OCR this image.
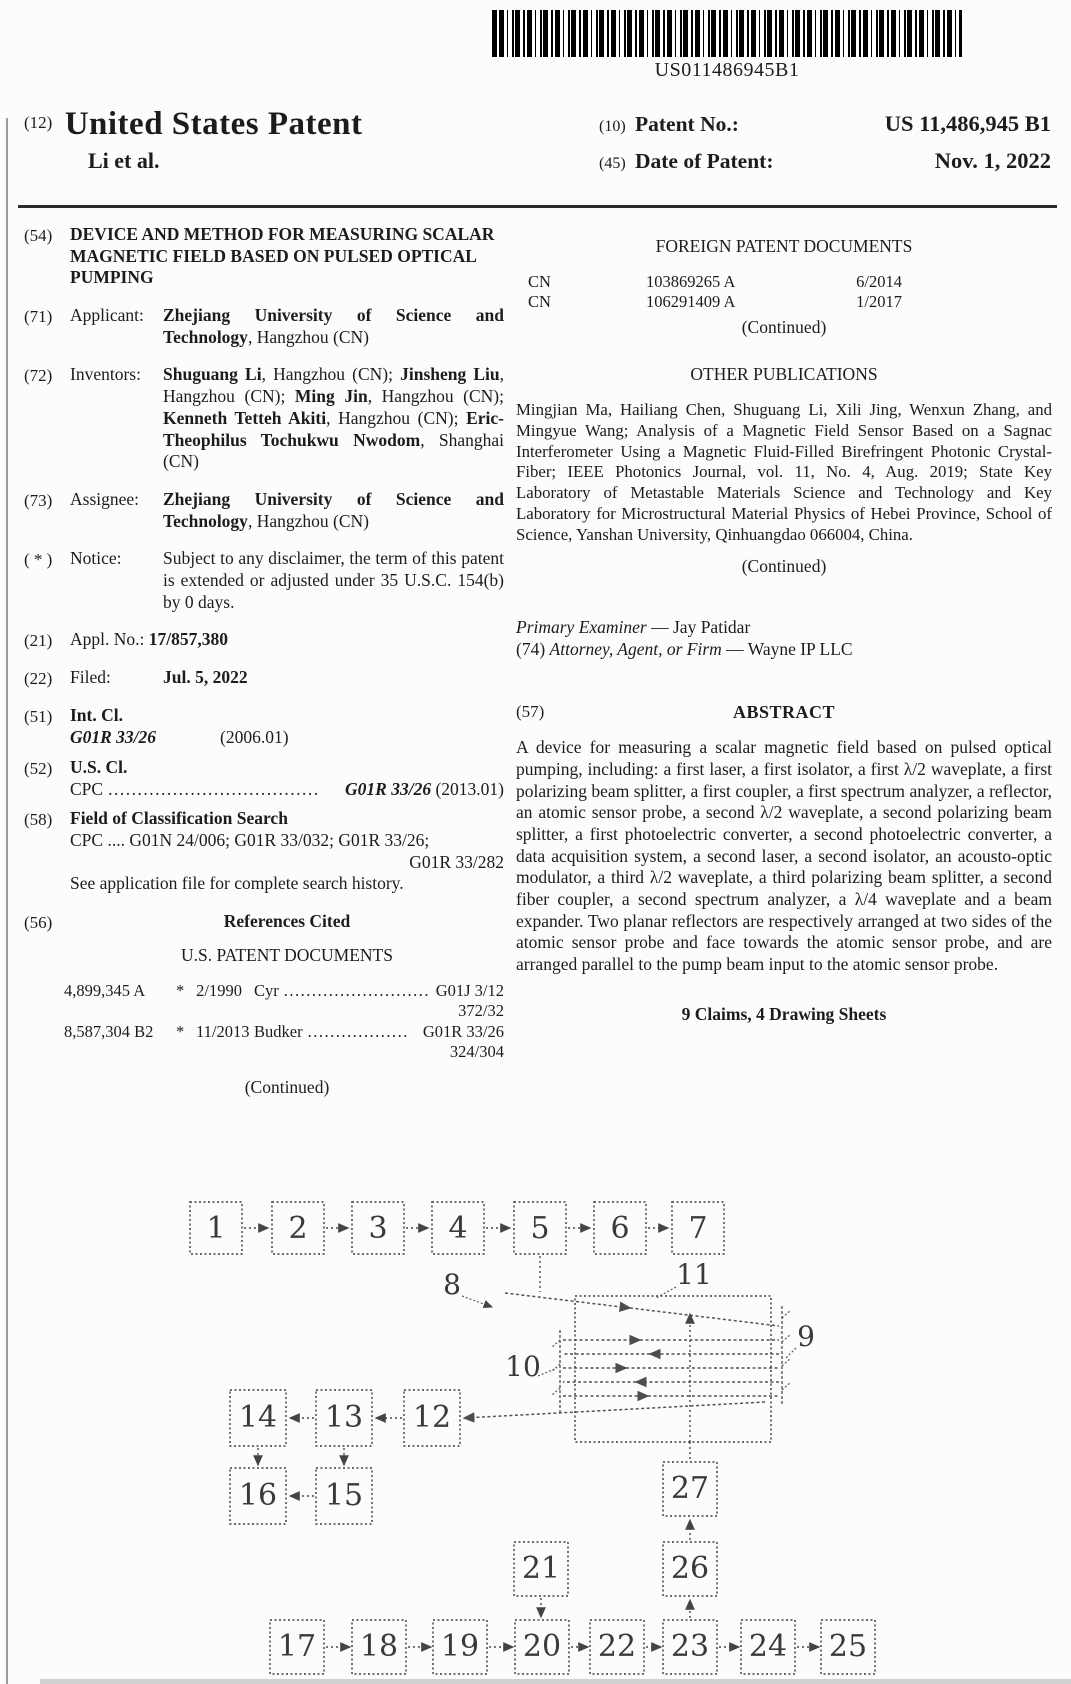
US011486945B1
(12) United States Patent
Li et al.
(10) Patent No.:	US 11,486,945 B1
(45) Date of Patent:	Nov. 1, 2022
(54)	DEVICE AND METHOD FOR MEASURING SCALAR MAGNETIC FIELD BASED ON PULSED OPTICAL PUMPING
(71)	Applicant:	Zhejiang University of Science and Technology, Hangzhou (CN)
(72)	Inventors:	Shuguang Li, Hangzhou (CN); Jinsheng Liu, Hangzhou (CN); Ming Jin, Hangzhou (CN); Kenneth Tetteh Akiti, Hangzhou (CN); Eric-Theophilus Tochukwu Nwodom, Shanghai (CN)
(73)	Assignee:	Zhejiang University of Science and Technology, Hangzhou (CN)
( * )	Notice:	Subject to any disclaimer, the term of this patent is extended or adjusted under 35 U.S.C. 154(b) by 0 days.
(21)	Appl. No.: 17/857,380
(22)	Filed:	Jul. 5, 2022
(51)	Int. Cl.
G01R 33/26	(2006.01)
(52)	U.S. Cl.
CPC ....................................	G01R 33/26
(2013.01)
(58)	Field of Classification Search
CPC .... G01N 24/006; G01R 33/032; G01R 33/26;
G01R 33/282
See application file for complete search history.
(56)	References Cited
U.S. PATENT DOCUMENTS
4,899,345 A	* 2/1990 Cyr .......................... G01J 3/12
372/32
8,587,304 B2	* 11/2013 Budker .................. G01R 33/26
324/304
(Continued)
FOREIGN PATENT DOCUMENTS
CN	103869265 A	6/2014
CN	106291409 A	1/2017
(Continued)
OTHER PUBLICATIONS
Mingjian Ma, Hailiang Chen, Shuguang Li, Xili Jing, Wenxun Zhang, and Mingyue Wang; Analysis of a Magnetic Field Sensor Based on a Sagnac Interferometer Using a Magnetic Fluid-Filled Birefringent Photonic Crystal-Fiber; IEEE Photonics Journal, vol. 11, No. 4, Aug. 2019; State Key Laboratory of Metastable Materials Science and Technology and Key Laboratory for Microstructural Material Physics of Hebei Province, School of Science, Yanshan University, Qinhuangdao 066004, China.
(Continued)
Primary Examiner — Jay Patidar
(74) Attorney, Agent, or Firm — Wayne IP LLC
(57)	ABSTRACT
A device for measuring a scalar magnetic field based on pulsed optical pumping, including: a first laser, a first isolator, a first λ/2 waveplate, a first polarizing beam splitter, a first coupler, a first spectrum analyzer, a reflector, an atomic sensor probe, a second λ/2 waveplate, a second polarizing beam splitter, a first photoelectric converter, a second photoelectric converter, a data acquisition system, a second laser, a second isolator, an acousto-optic modulator, a third λ/2 waveplate, a third polarizing beam splitter, a second fiber coupler, a second spectrum analyzer, a λ/4 waveplate and a beam expander. Two planar reflectors are respectively arranged at two sides of the atomic sensor probe and face towards the atomic sensor probe, and are arranged parallel to the pump beam input to the atomic sensor probe.
9 Claims, 4 Drawing Sheets
1 2 3 4 5 6 7
8	11
9
10
14 13 12
16 15	27
26
21
17 18 19 20 22 23 24 25
